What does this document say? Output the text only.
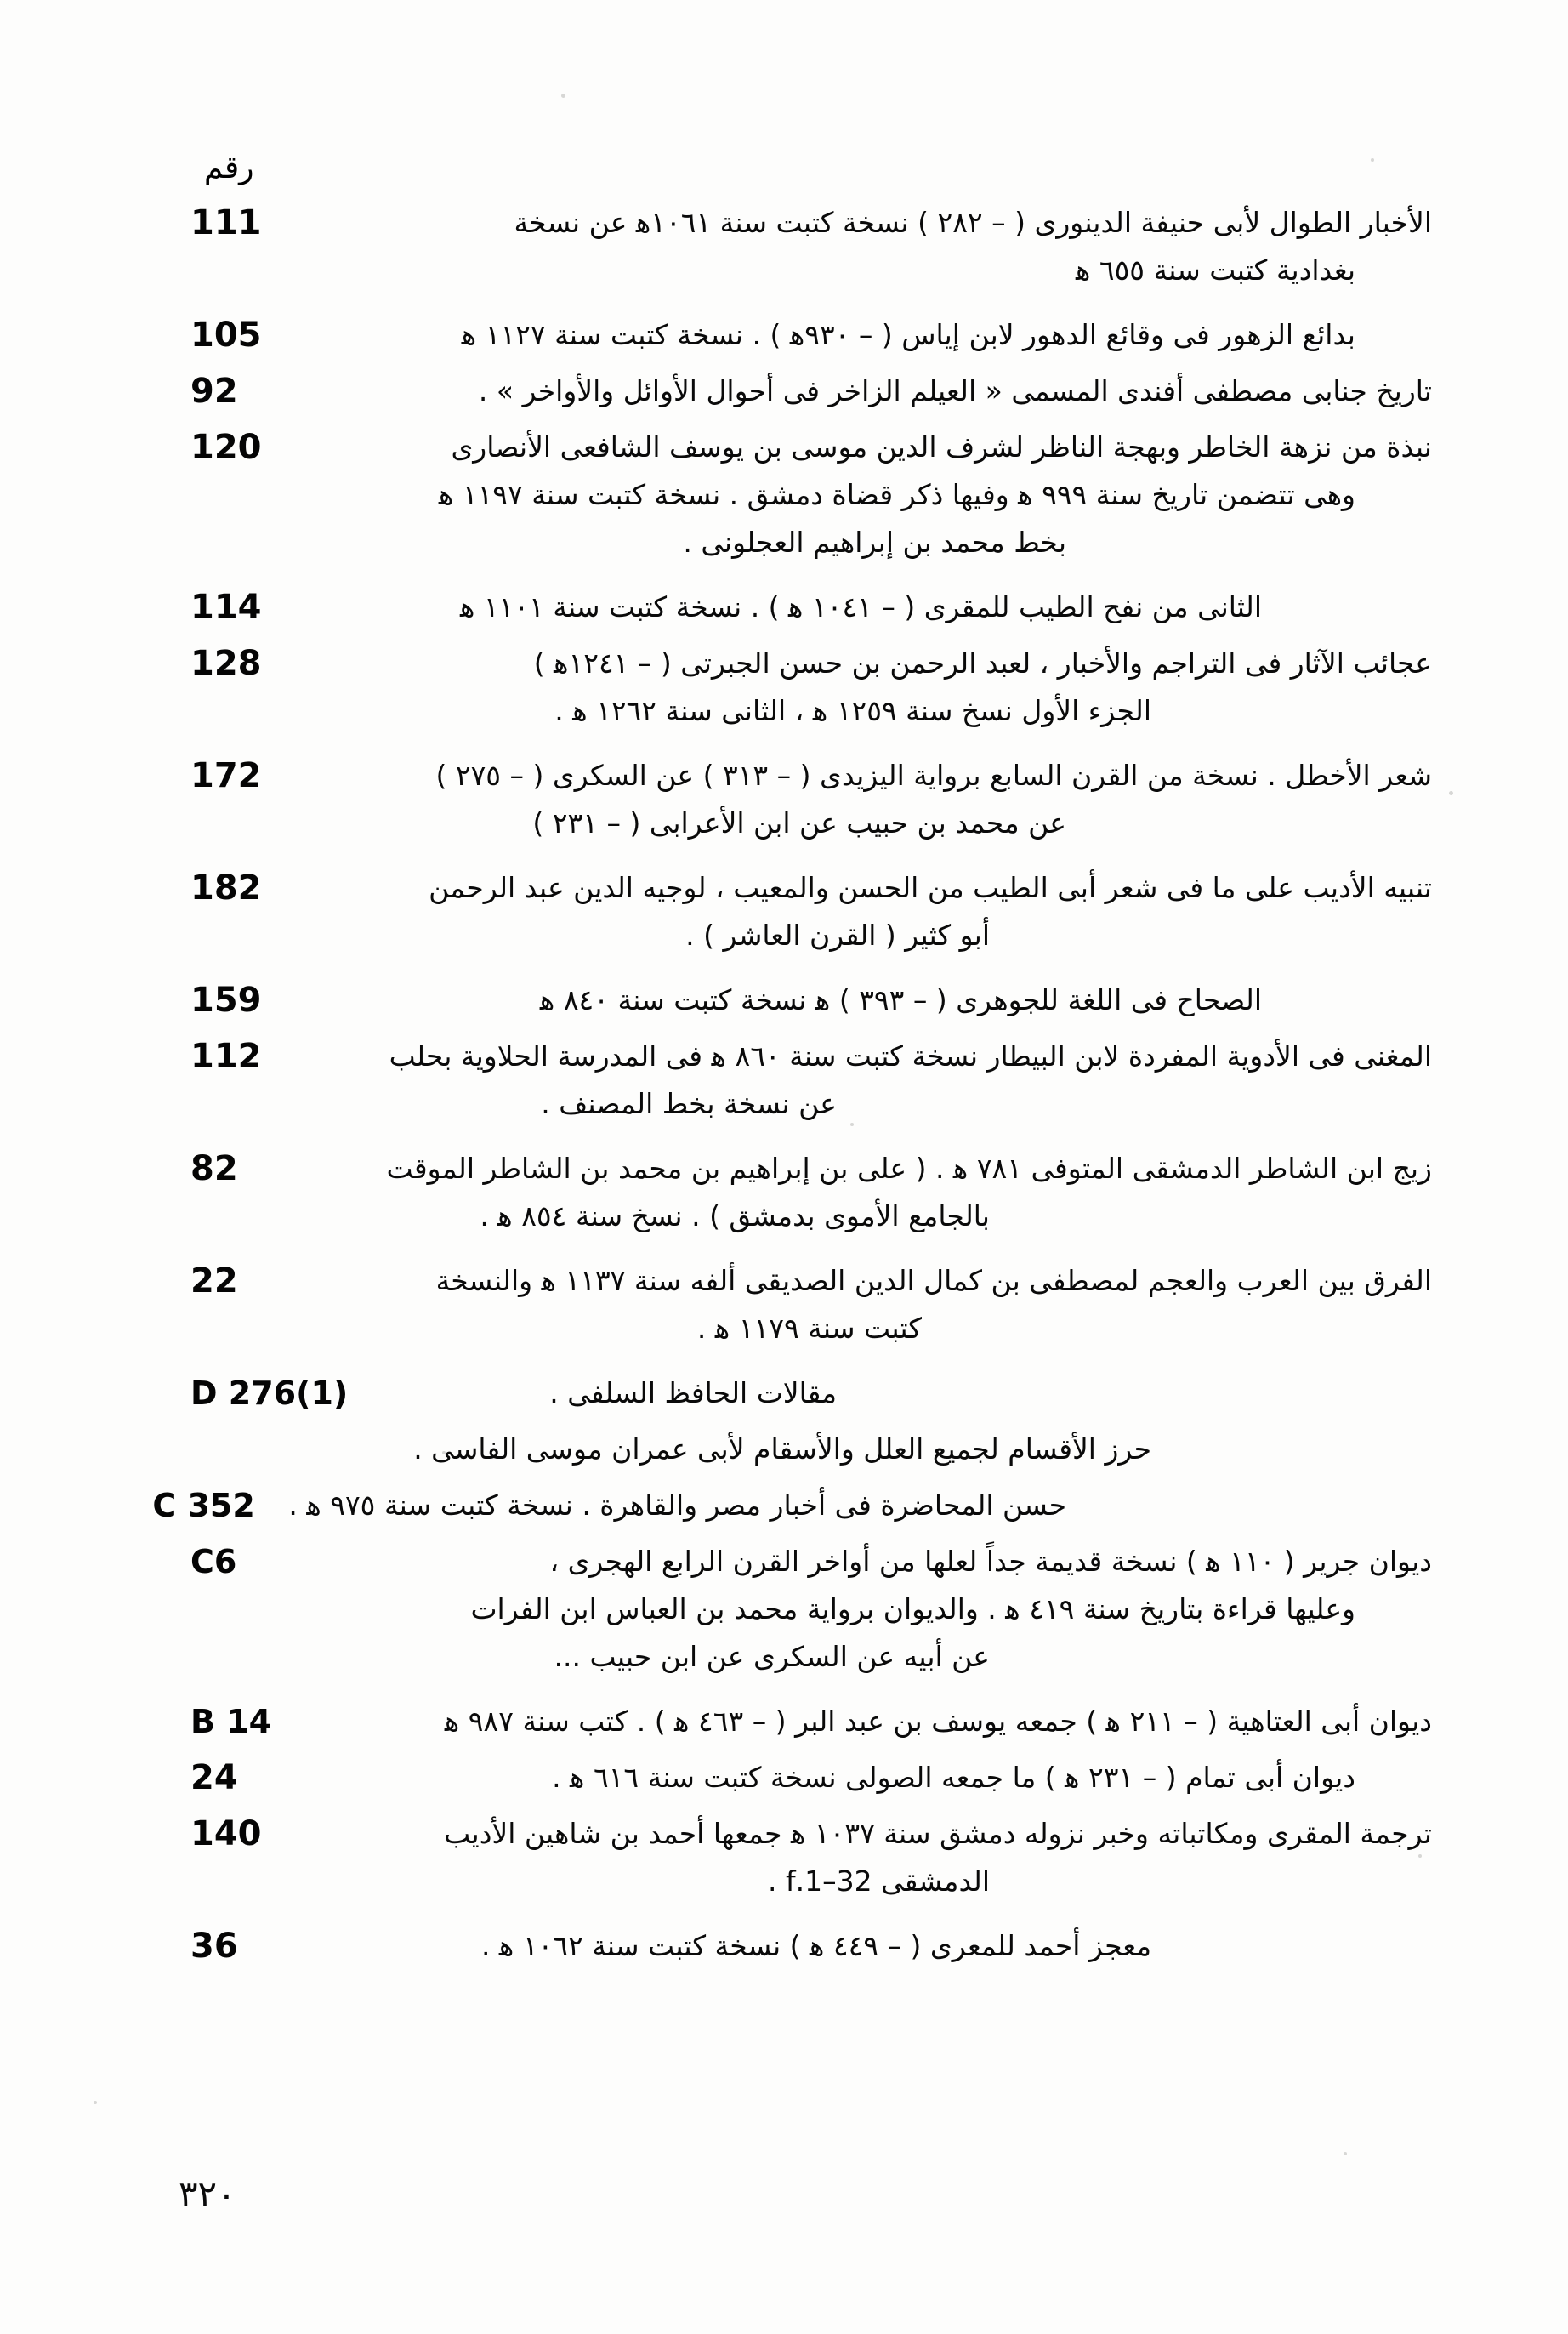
رقم
111	الأخبار الطوال لأبى حنيفة الدينورى ( – ٢٨٢ ) نسخة كتبت سنة ١٠٦١ﻫ عن نسخة
بغدادية كتبت سنة ٦٥٥ ﻫ
105	بدائع الزهور فى وقائع الدهور لابن إياس ( – ٩٣٠ﻫ ) . نسخة كتبت سنة ١١٢٧ ﻫ
92	تاريخ جنابى مصطفى أفندى المسمى « العيلم الزاخر فى أحوال الأوائل والأواخر » .
120	نبذة من نزهة الخاطر وبهجة الناظر لشرف الدين موسى بن يوسف الشافعى الأنصارى
وهى تتضمن تاريخ سنة ٩٩٩ ﻫ وفيها ذكر قضاة دمشق . نسخة كتبت سنة ١١٩٧ ﻫ
بخط محمد بن إبراهيم العجلونى .
114	الثانى من نفح الطيب للمقرى ( – ١٠٤١ ﻫ ) . نسخة كتبت سنة ١١٠١ ﻫ
128	عجائب الآثار فى التراجم والأخبار ، لعبد الرحمن بن حسن الجبرتى ( – ١٢٤١ﻫ )
الجزء الأول نسخ سنة ١٢٥٩ ﻫ ، الثانى سنة ١٢٦٢ ﻫ .
172	شعر الأخطل . نسخة من القرن السابع برواية اليزيدى ( – ٣١٣ ) عن السكرى ( – ٢٧٥ )
عن محمد بن حبيب عن ابن الأعرابى ( – ٢٣١ )
182	تنبيه الأديب على ما فى شعر أبى الطيب من الحسن والمعيب ، لوجيه الدين عبد الرحمن
أبو كثير ( القرن العاشر ) .
159	الصحاح فى اللغة للجوهرى ( – ٣٩٣ ) ﻫ نسخة كتبت سنة ٨٤٠ ﻫ
112	المغنى فى الأدوية المفردة لابن البيطار نسخة كتبت سنة ٨٦٠ ﻫ فى المدرسة الحلاوية بحلب
عن نسخة بخط المصنف .
82	زيج ابن الشاطر الدمشقى المتوفى ٧٨١ ﻫ . ( على بن إبراهيم بن محمد بن الشاطر الموقت
بالجامع الأموى بدمشق ) . نسخ سنة ٨٥٤ ﻫ .
22	الفرق بين العرب والعجم لمصطفى بن كمال الدين الصديقى ألفه سنة ١١٣٧ ﻫ والنسخة
كتبت سنة ١١٧٩ ﻫ .
D 276(1)	مقالات الحافظ السلفى .
حرز الأقسام لجميع العلل والأسقام لأبى عمران موسى الفاسى .
C 352	حسن المحاضرة فى أخبار مصر والقاهرة . نسخة كتبت سنة ٩٧٥ ﻫ .
C6	ديوان جرير ( ١١٠ ﻫ ) نسخة قديمة جداً لعلها من أواخر القرن الرابع الهجرى ،
وعليها قراءة بتاريخ سنة ٤١٩ ﻫ . والديوان برواية محمد بن العباس ابن الفرات
عن أبيه عن السكرى عن ابن حبيب ...
B 14	ديوان أبى العتاهية ( – ٢١١ ﻫ ) جمعه يوسف بن عبد البر ( – ٤٦٣ ﻫ ) . كتب سنة ٩٨٧ ﻫ
24	ديوان أبى تمام ( – ٢٣١ ﻫ ) ما جمعه الصولى نسخة كتبت سنة ٦١٦ ﻫ .
140	ترجمة المقرى ومكاتباته وخبر نزوله دمشق سنة ١٠٣٧ ﻫ جمعها أحمد بن شاهين الأديب
الدمشقى 32–1.f .
36	معجز أحمد للمعرى ( – ٤٤٩ ﻫ ) نسخة كتبت سنة ١٠٦٢ ﻫ .
٣٢٠
